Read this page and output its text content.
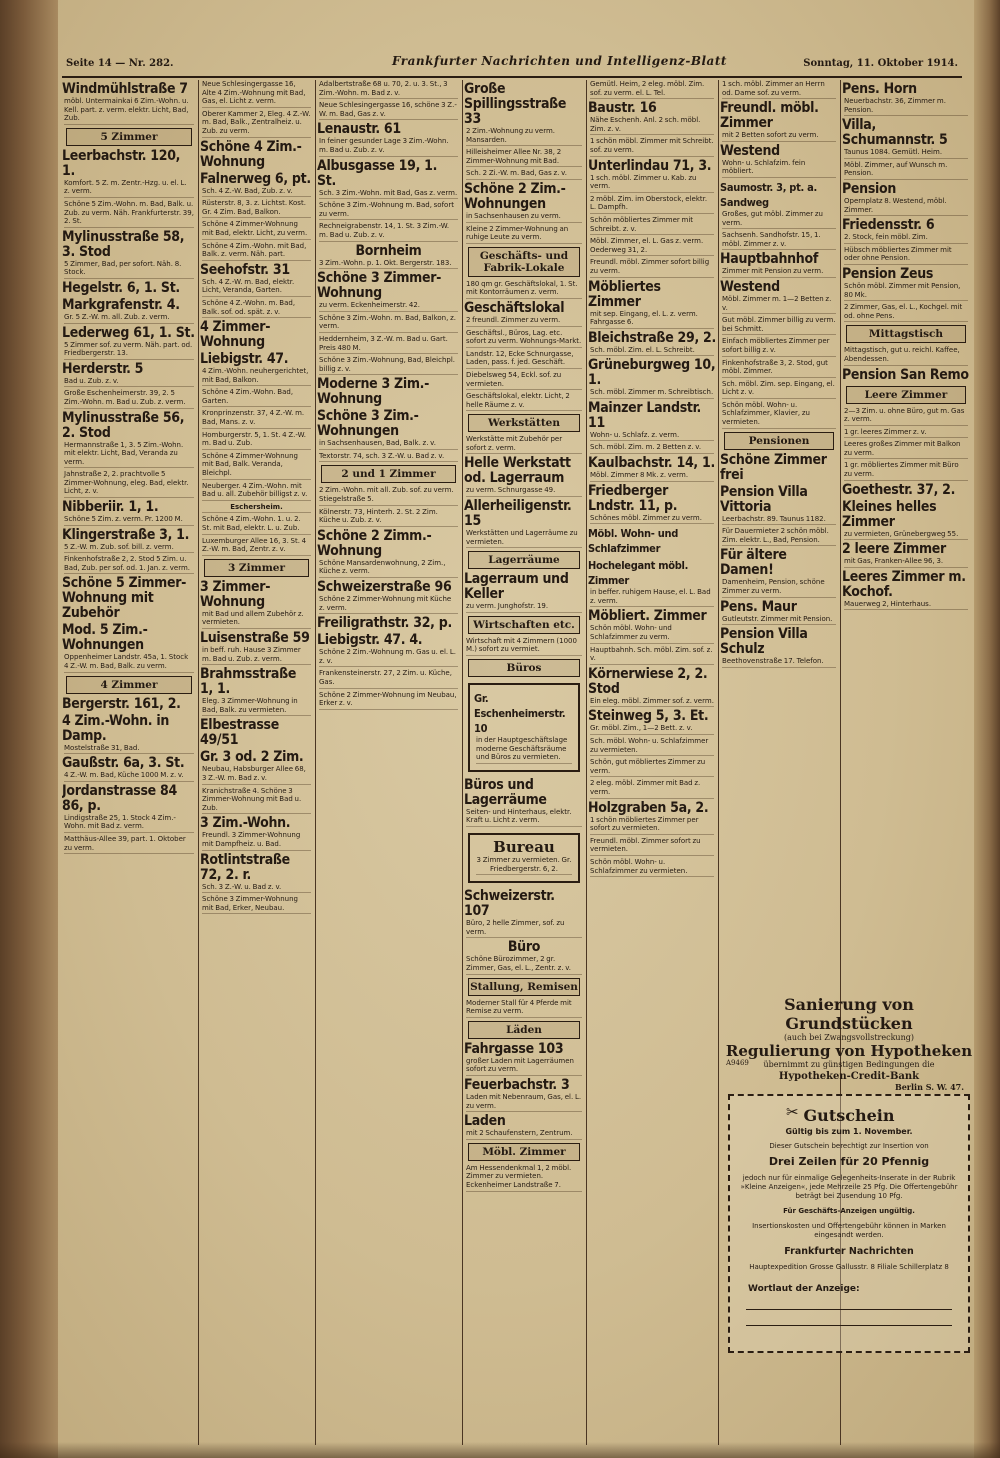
Seite 14 — Nr. 282.	Frankfurter Nachrichten und Intelligenz-Blatt	Sonntag, 11. Oktober 1914.
Windmühlstraße 7
möbl. Untermainkai 6 Zim.-Wohn. u. Kell. part. z. verm. elektr. Licht, Bad, Zub.
5 Zimmer
Leerbachstr. 120, 1.
Komfort. 5 Z. m. Zentr.-Hzg. u. el. L. z. verm.
Schöne 5 Zim.-Wohn. m. Bad, Balk. u. Zub. zu verm. Näh. Frankfurterstr. 39, 2. St.
Mylinusstraße 58, 3. Stod
5 Zimmer, Bad, per sofort. Näh. 8. Stock.
Hegelstr. 6, 1. St.
Markgrafenstr. 4.
Gr. 5 Z.-W. m. all. Zub. z. verm.
Lederweg 61, 1. St.
5 Zimmer sof. zu verm. Näh. part. od. Friedbergerstr. 13.
Herderstr. 5
Bad u. Zub. z. v.
Große Eschenheimerstr. 39, 2. 5 Zim.-Wohn. m. Bad u. Zub. z. verm.
Mylinusstraße 56, 2. Stod
Hermannstraße 1, 3. 5 Zim.-Wohn. mit elektr. Licht, Bad, Veranda zu verm.
Jahnstraße 2, 2. prachtvolle 5 Zimmer-Wohnung, eleg. Bad, elektr. Licht, z. v.
Nibberiir. 1, 1.
Schöne 5 Zim. z. verm. Pr. 1200 M.
Klingerstraße 3, 1.
5 Z.-W. m. Zub. sof. bill. z. verm.
Finkenhofstraße 2, 2. Stod 5 Zim. u. Bad, Zub. per sof. od. 1. Jan. z. verm.
Schöne 5 Zimmer-Wohnung mit Zubehör
Mod. 5 Zim.-Wohnungen
Oppenheimer Landstr. 45a, 1. Stock 4 Z.-W. m. Bad, Balk. zu verm.
4 Zimmer
Bergerstr. 161, 2.
4 Zim.-Wohn. in Damp.
Mostelstraße 31, Bad.
Gaußstr. 6a, 3. St.
4 Z.-W. m. Bad, Küche 1000 M. z. v.
Jordanstrasse 84 86, p.
Lindigstraße 25, 1. Stock 4 Zim.-Wohn. mit Bad z. verm.
Matthäus-Allee 39, part. 1. Oktober zu verm.
Neue Schlesingergasse 16, Alte 4 Zim.-Wohnung mit Bad, Gas, el. Licht z. verm.
Oberer Kammer 2, Eleg. 4 Z.-W. m. Bad, Balk., Zentralheiz. u. Zub. zu verm.
Schöne 4 Zim.-Wohnung
Falnerweg 6, pt.
Sch. 4 Z.-W. Bad, Zub. z. v.
Rüsterstr. 8, 3. z. Lichtst. Kost. Gr. 4 Zim. Bad, Balkon.
Schöne 4 Zimmer-Wohnung mit Bad, elektr. Licht, zu verm.
Schöne 4 Zim.-Wohn. mit Bad, Balk. z. verm. Näh. part.
Seehofstr. 31
Sch. 4 Z.-W. m. Bad, elektr. Licht, Veranda, Garten.
Schöne 4 Z.-Wohn. m. Bad, Balk. sof. od. spät. z. v.
4 Zimmer-Wohnung
Liebigstr. 47.
4 Zim.-Wohn. neuhergerichtet, mit Bad, Balkon.
Schöne 4 Zim.-Wohn. Bad, Garten.
Kronprinzenstr. 37, 4 Z.-W. m. Bad, Mans. z. v.
Homburgerstr. 5, 1. St. 4 Z.-W. m. Bad u. Zub.
Schöne 4 Zimmer-Wohnung mit Bad, Balk. Veranda, Bleichpl.
Neuberger. 4 Zim.-Wohn. mit Bad u. all. Zubehör billigst z. v.
Eschersheim.
Schöne 4 Zim.-Wohn. 1. u. 2. St. mit Bad, elektr. L. u. Zub.
Luxemburger Allee 16, 3. St. 4 Z.-W. m. Bad, Zentr. z. v.
3 Zimmer
3 Zimmer-Wohnung
mit Bad und allem Zubehör z. vermieten.
Luisenstraße 59
in beff. ruh. Hause 3 Zimmer m. Bad u. Zub. z. verm.
Brahmsstraße 1, 1.
Eleg. 3 Zimmer-Wohnung in Bad, Balk. zu vermieten.
Elbestrasse 49/51
Gr. 3 od. 2 Zim.
Neubau, Habsburger Allee 68, 3 Z.-W. m. Bad z. v.
Kranichstraße 4. Schöne 3 Zimmer-Wohnung mit Bad u. Zub.
3 Zim.-Wohn.
Freundl. 3 Zimmer-Wohnung mit Dampfheiz. u. Bad.
Rotlintstraße 72, 2. r.
Sch. 3 Z.-W. u. Bad z. v.
Schöne 3 Zimmer-Wohnung mit Bad, Erker, Neubau.
Adalbertstraße 68 u. 70, 2. u. 3. St., 3 Zim.-Wohn. m. Bad z. v.
Neue Schlesingergasse 16, schöne 3 Z.-W. m. Bad, Gas z. v.
Lenaustr. 61
In feiner gesunder Lage 3 Zim.-Wohn. m. Bad u. Zub. z. v.
Albusgasse 19, 1. St.
Sch. 3 Zim.-Wohn. mit Bad, Gas z. verm.
Schöne 3 Zim.-Wohnung m. Bad, sofort zu verm.
Rechneigrabenstr. 14, 1. St. 3 Zim.-W. m. Bad u. Zub. z. v.
Bornheim
3 Zim.-Wohn. p. 1. Okt. Bergerstr. 183.
Schöne 3 Zimmer-Wohnung
zu verm. Eckenheimerstr. 42.
Schöne 3 Zim.-Wohn. m. Bad, Balkon, z. verm.
Heddernheim, 3 Z.-W. m. Bad u. Gart. Preis 480 M.
Schöne 3 Zim.-Wohnung, Bad, Bleichpl. billig z. v.
Moderne 3 Zim.-Wohnung
Schöne 3 Zim.-Wohnungen
in Sachsenhausen, Bad, Balk. z. v.
Textorstr. 74, sch. 3 Z.-W. u. Bad z. v.
2 und 1 Zimmer
2 Zim.-Wohn. mit all. Zub. sof. zu verm. Stiegelstraße 5.
Kölnerstr. 73, Hinterh. 2. St. 2 Zim. Küche u. Zub. z. v.
Schöne 2 Zimm.-Wohnung
Schöne Mansardenwohnung, 2 Zim., Küche z. verm.
Schweizerstraße 96
Schöne 2 Zimmer-Wohnung mit Küche z. verm.
Freiligrathstr. 32, p.
Liebigstr. 47. 4.
Schöne 2 Zim.-Wohnung m. Gas u. el. L. z. v.
Frankensteinerstr. 27, 2 Zim. u. Küche, Gas.
Schöne 2 Zimmer-Wohnung im Neubau, Erker z. v.
Große Spillingsstraße 33
2 Zim.-Wohnung zu verm. Mansarden.
Hilleisheimer Allee Nr. 38, 2 Zimmer-Wohnung mit Bad.
Sch. 2 Zi.-W. m. Bad, Gas z. v.
Schöne 2 Zim.-Wohnungen
in Sachsenhausen zu verm.
Kleine 2 Zimmer-Wohnung an ruhige Leute zu verm.
Geschäfts- und Fabrik-Lokale
180 qm gr. Geschäftslokal, 1. St. mit Kontorräumen z. verm.
Geschäftslokal
2 freundl. Zimmer zu verm.
Geschäftsl., Büros, Lag. etc. sofort zu verm. Wohnungs-Markt.
Landstr. 12, Ecke Schnurgasse, Laden, pass. f. jed. Geschäft.
Diebelsweg 54, Eckl. sof. zu vermieten.
Geschäftslokal, elektr. Licht, 2 helle Räume z. v.
Werkstätten
Werkstätte mit Zubehör per sofort z. verm.
Helle Werkstatt od. Lagerraum
zu verm. Schnurgasse 49.
Allerheiligenstr. 15
Werkstätten und Lagerräume zu vermieten.
Lagerräume
Lagerraum und Keller
zu verm. Junghofstr. 19.
Wirtschaften etc.
Wirtschaft mit 4 Zimmern (1000 M.) sofort zu vermiet.
Büros
Gr. Eschenheimerstr. 10
in der Hauptgeschäftslage moderne Geschäftsräume und Büros zu vermieten.
Büros und Lagerräume
Seiten- und Hinterhaus, elektr. Kraft u. Licht z. verm.
Bureau
3 Zimmer zu vermieten. Gr. Friedbergerstr. 6, 2.
Schweizerstr. 107
Büro, 2 helle Zimmer, sof. zu verm.
Büro
Schöne Bürozimmer, 2 gr. Zimmer, Gas, el. L., Zentr. z. v.
Stallung, Remisen
Moderner Stall für 4 Pferde mit Remise zu verm.
Läden
Fahrgasse 103
großer Laden mit Lagerräumen sofort zu verm.
Feuerbachstr. 3
Laden mit Nebenraum, Gas, el. L. zu verm.
Laden
mit 2 Schaufenstern, Zentrum.
Möbl. Zimmer
Am Hessendenkmal 1, 2 möbl. Zimmer zu vermieten. Eckenheimer Landstraße 7.
Gemütl. Heim, 2 eleg. möbl. Zim. sof. zu verm. el. L. Tel.
Baustr. 16
Nähe Eschenh. Anl. 2 sch. möbl. Zim. z. v.
1 schön möbl. Zimmer mit Schreibt. sof. zu verm.
Unterlindau 71, 3.
1 sch. möbl. Zimmer u. Kab. zu verm.
2 möbl. Zim. im Oberstock, elektr. L. Dampfh.
Schön möbliertes Zimmer mit Schreibt. z. v.
Möbl. Zimmer, el. L. Gas z. verm. Oederweg 31, 2.
Freundl. möbl. Zimmer sofort billig zu verm.
Möbliertes Zimmer
mit sep. Eingang, el. L. z. verm. Fahrgasse 6.
Bleichstraße 29, 2.
Sch. möbl. Zim. el. L. Schreibt.
Grüneburgweg 10, 1.
Sch. möbl. Zimmer m. Schreibtisch.
Mainzer Landstr. 11
Wohn- u. Schlafz. z. verm.
Sch. möbl. Zim. m. 2 Betten z. v.
Kaulbachstr. 14, 1.
Möbl. Zimmer 8 Mk. z. verm.
Friedberger Lndstr. 11, p.
Schönes möbl. Zimmer zu verm.
Möbl. Wohn- und Schlafzimmer
Hochelegant möbl. Zimmer
in beffer. ruhigem Hause, el. L. Bad z. verm.
Möbliert. Zimmer
Schön möbl. Wohn- und Schlafzimmer zu verm.
Hauptbahnh. Sch. möbl. Zim. sof. z. v.
Körnerwiese 2, 2. Stod
Ein eleg. möbl. Zimmer sof. z. verm.
Steinweg 5, 3. Et.
Gr. möbl. Zim., 1—2 Bett. z. v.
Sch. möbl. Wohn- u. Schlafzimmer zu vermieten.
Schön, gut möbliertes Zimmer zu verm.
2 eleg. möbl. Zimmer mit Bad z. verm.
Holzgraben 5a, 2.
1 schön möbliertes Zimmer per sofort zu vermieten.
Freundl. möbl. Zimmer sofort zu vermieten.
Schön möbl. Wohn- u. Schlafzimmer zu vermieten.
1 sch. möbl. Zimmer an Herrn od. Dame sof. zu verm.
Freundl. möbl. Zimmer
mit 2 Betten sofort zu verm.
Westend
Wohn- u. Schlafzim. fein möbliert.
Saumostr. 3, pt. a. Sandweg
Großes, gut möbl. Zimmer zu verm.
Sachsenh. Sandhofstr. 15, 1. möbl. Zimmer z. v.
Hauptbahnhof
Zimmer mit Pension zu verm.
Westend
Möbl. Zimmer m. 1—2 Betten z. v.
Gut möbl. Zimmer billig zu verm. bei Schmitt.
Einfach möbliertes Zimmer per sofort billig z. v.
Finkenhofstraße 3, 2. Stod, gut möbl. Zimmer.
Sch. möbl. Zim. sep. Eingang, el. Licht z. v.
Schön möbl. Wohn- u. Schlafzimmer, Klavier, zu vermieten.
Pensionen
Schöne Zimmer frei
Pension Villa Vittoria
Leerbachstr. 89. Taunus 1182.
Für Dauermieter 2 schön möbl. Zim. elektr. L., Bad, Pension.
Für ältere Damen!
Damenheim, Pension, schöne Zimmer zu verm.
Pens. Maur
Gutleutstr. Zimmer mit Pension.
Pension Villa Schulz
Beethovenstraße 17. Telefon.
Pens. Horn
Neuerbachstr. 36, Zimmer m. Pension.
Villa, Schumannstr. 5
Taunus 1084. Gemütl. Heim.
Möbl. Zimmer, auf Wunsch m. Pension.
Pension
Opernplatz 8. Westend, möbl. Zimmer.
Friedensstr. 6
2. Stock, fein möbl. Zim.
Hübsch möbliertes Zimmer mit oder ohne Pension.
Pension Zeus
Schön möbl. Zimmer mit Pension, 80 Mk.
2 Zimmer, Gas, el. L., Kochgel. mit od. ohne Pens.
Mittagstisch
Mittagstisch, gut u. reichl. Kaffee, Abendessen.
Pension San Remo
Leere Zimmer
2—3 Zim. u. ohne Büro, gut m. Gas z. verm.
1 gr. leeres Zimmer z. v.
Leeres großes Zimmer mit Balkon zu verm.
1 gr. möbliertes Zimmer mit Büro zu verm.
Goethestr. 37, 2.
Kleines helles Zimmer
zu vermieten, Grünebergweg 55.
2 leere Zimmer
mit Gas, Franken-Allee 96, 3.
Leeres Zimmer m. Kochof.
Mauerweg 2, Hinterhaus.
Sanierung von Grundstücken
(auch bei Zwangsvollstreckung)
Regulierung von Hypotheken
übernimmt zu günstigen Bedingungen die
Hypotheken-Credit-Bank
Berlin S. W. 47.
A9469
Gutschein
Gültig bis zum 1. November.
Dieser Gutschein berechtigt zur Insertion von
Drei Zeilen für 20 Pfennig
jedoch nur für einmalige Gelegenheits-Inserate in der Rubrik »Kleine Anzeigen«, jede Mehrzeile 25 Pfg. Die Offertengebühr beträgt bei Zusendung 10 Pfg.
Für Geschäfts-Anzeigen ungültig.
Insertionskosten und Offertengebühr können in Marken eingesandt werden.
Frankfurter Nachrichten
Hauptexpedition Grosse Gallusstr. 8 Filiale Schillerplatz 8
Wortlaut der Anzeige:
✂
